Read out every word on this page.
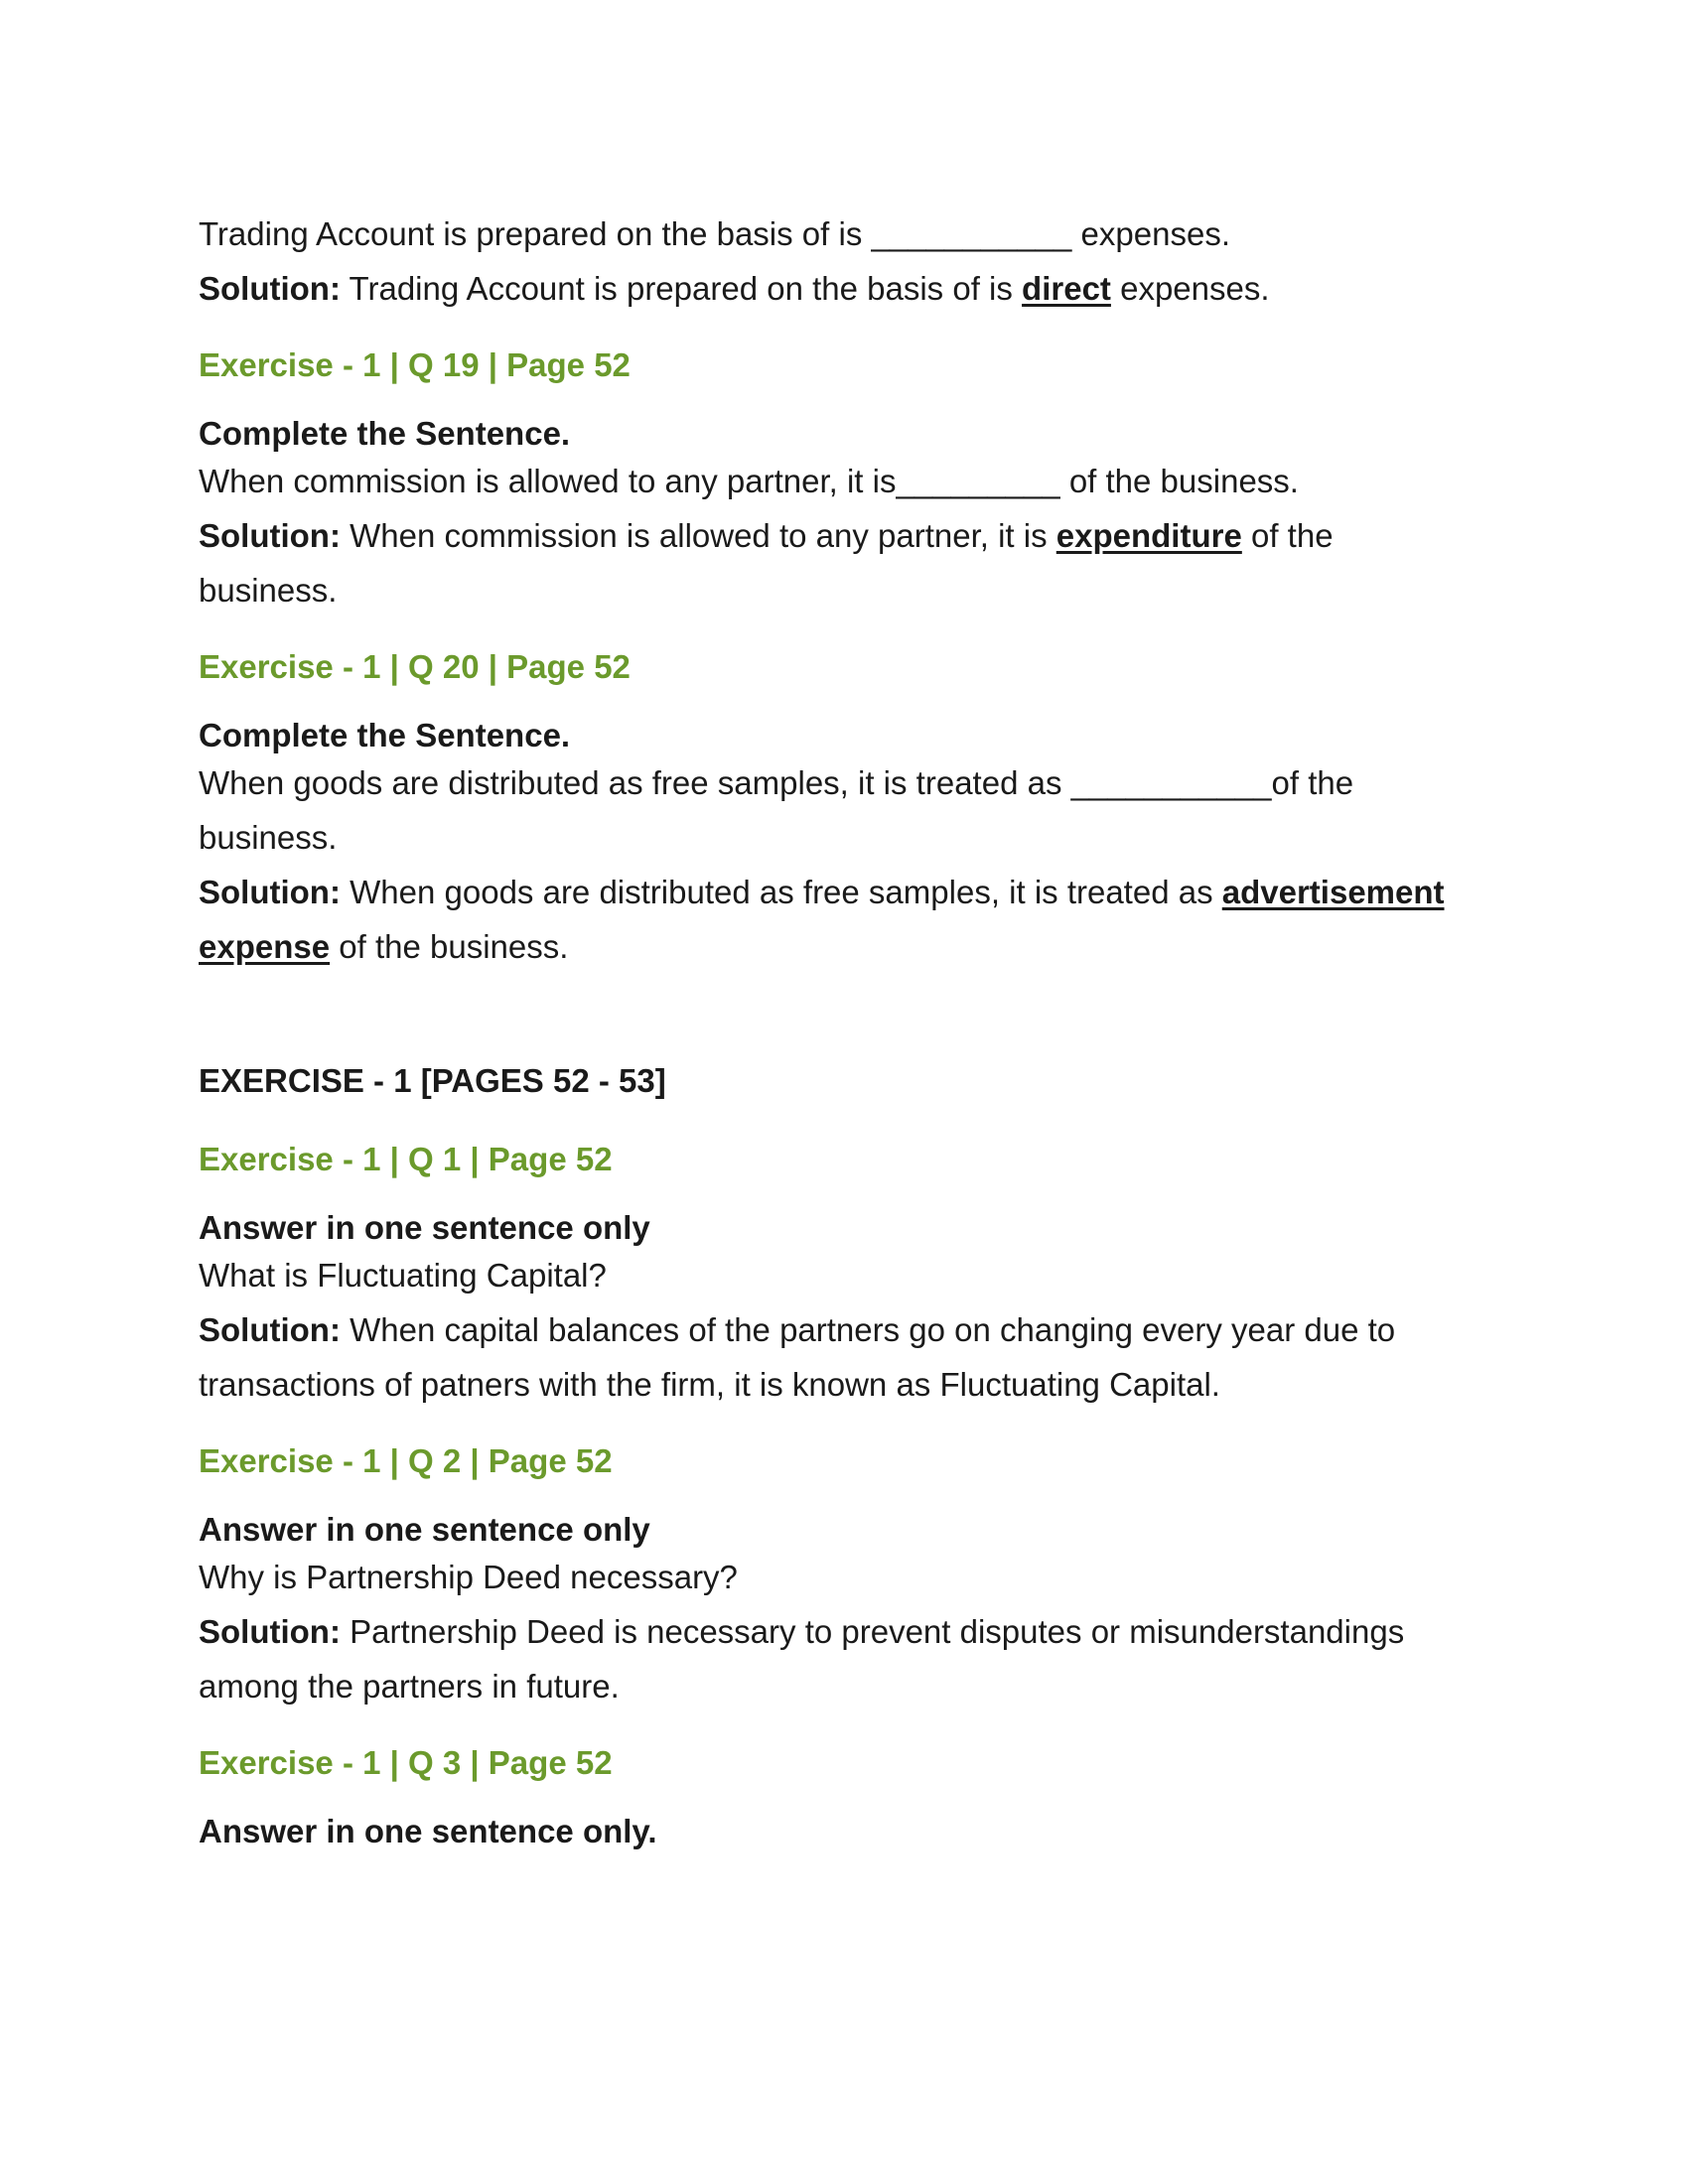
Trading Account is prepared on the basis of is ___________ expenses.

Solution: Trading Account is prepared on the basis of is direct expenses.

Exercise - 1 | Q 19 | Page 52

Complete the Sentence.

When commission is allowed to any partner, it is_________ of the business.

Solution: When commission is allowed to any partner, it is expenditure of the business.

Exercise - 1 | Q 20 | Page 52

Complete the Sentence.

When goods are distributed as free samples, it is treated as ___________of the business.

Solution: When goods are distributed as free samples, it is treated as advertisement expense of the business.

EXERCISE - 1 [PAGES 52 - 53]

Exercise - 1 | Q 1 | Page 52

Answer in one sentence only

What is Fluctuating Capital?

Solution: When capital balances of the partners go on changing every year due to transactions of patners with the firm, it is known as Fluctuating Capital.

Exercise - 1 | Q 2 | Page 52

Answer in one sentence only

Why is Partnership Deed necessary?

Solution: Partnership Deed is necessary to prevent disputes or misunderstandings among the partners in future.

Exercise - 1 | Q 3 | Page 52

Answer in one sentence only.
